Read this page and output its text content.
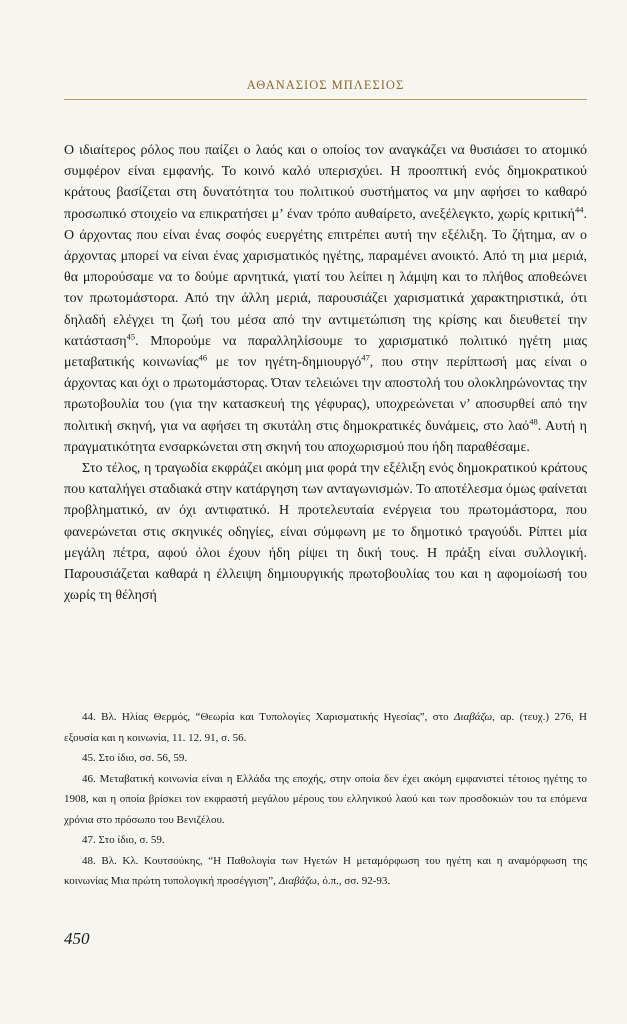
ΑΘΑΝΑΣΙΟΣ ΜΠΛΕΣΙΟΣ

Ο ιδιαίτερος ρόλος που παίζει ο λαός και ο οποίος τον αναγκάζει να θυσιάσει το ατομικό συμφέρον είναι εμφανής. Το κοινό καλό υπερισχύει. Η προοπτική ενός δημοκρατικού κράτους βασίζεται στη δυνατότητα του πολιτικού συστήματος να μην αφήσει το καθαρό προσωπικό στοιχείο να επικρατήσει μ’ έναν τρόπο αυθαίρετο, ανεξέλεγκτο, χωρίς κριτική$^{44}$. Ο άρχοντας που είναι ένας σοφός ευεργέτης επιτρέπει αυτή την εξέλιξη. Το ζήτημα, αν ο άρχοντας μπορεί να είναι ένας χαρισματικός ηγέτης, παραμένει ανοικτό. Από τη μια μεριά, θα μπορούσαμε να το δούμε αρνητικά, γιατί του λείπει η λάμψη και το πλήθος αποθεώνει τον πρωτομάστορα. Από την άλλη μεριά, παρουσιάζει χαρισματικά χαρακτηριστικά, ότι δηλαδή ελέγχει τη ζωή του μέσα από την αντιμετώπιση της κρίσης και διευθετεί την κατάσταση$^{45}$. Μπορούμε να παραλληλίσουμε το χαρισματικό πολιτικό ηγέτη μιας μεταβατικής κοινωνίας$^{46}$ με τον ηγέτη-δημιουργό$^{47}$, που στην περίπτωσή μας είναι ο άρχοντας και όχι ο πρωτομάστορας. Όταν τελειώνει την αποστολή του ολοκληρώνοντας την πρωτοβουλία του (για την κατασκευή της γέφυρας), υποχρεώνεται ν’ αποσυρθεί από την πολιτική σκηνή, για να αφήσει τη σκυτάλη στις δημοκρατικές δυνάμεις, στο λαό$^{48}$. Αυτή η πραγματικότητα ενσαρκώνεται στη σκηνή του αποχωρισμού που ήδη παραθέσαμε.

Στο τέλος, η τραγωδία εκφράζει ακόμη μια φορά την εξέλιξη ενός δημοκρατικού κράτους που καταλήγει σταδιακά στην κατάργηση των ανταγωνισμών. Το αποτέλεσμα όμως φαίνεται προβληματικό, αν όχι αντιφατικό. Η προτελευταία ενέργεια του πρωτομάστορα, που φανερώνεται στις σκηνικές οδηγίες, είναι σύμφωνη με το δημοτικό τραγούδι. Ρίπτει μία μεγάλη πέτρα, αφού όλοι έχουν ήδη ρίψει τη δική τους. Η πράξη είναι συλλογική. Παρουσιάζεται καθαρά η έλλειψη δημιουργικής πρωτοβουλίας του και η αφομοίωσή του χωρίς τη θέλησή

44. Βλ. Ηλίας Θερμός, “Θεωρία και Τυπολογίες Χαρισματικής Ηγεσίας”, στο Διαβάζω, αρ. (τευχ.) 276, Η εξουσία και η κοινωνία, 11. 12. 91, σ. 56.

45. Στο ίδιο, σσ. 56, 59.

46. Μεταβατική κοινωνία είναι η Ελλάδα της εποχής, στην οποία δεν έχει ακόμη εμφανιστεί τέτοιος ηγέτης το 1908, και η οποία βρίσκει τον εκφραστή μεγάλου μέρους του ελληνικού λαού και των προσδοκιών του τα επόμενα χρόνια στο πρόσωπο του Βενιζέλου.

47. Στο ίδιο, σ. 59.

48. Βλ. Κλ. Κουτσούκης, “Η Παθολογία των Ηγετών Η μεταμόρφωση του ηγέτη και η αναμόρφωση της κοινωνίας Μια πρώτη τυπολογική προσέγγιση”, Διαβάζω, ό.π., σσ. 92-93.

450
